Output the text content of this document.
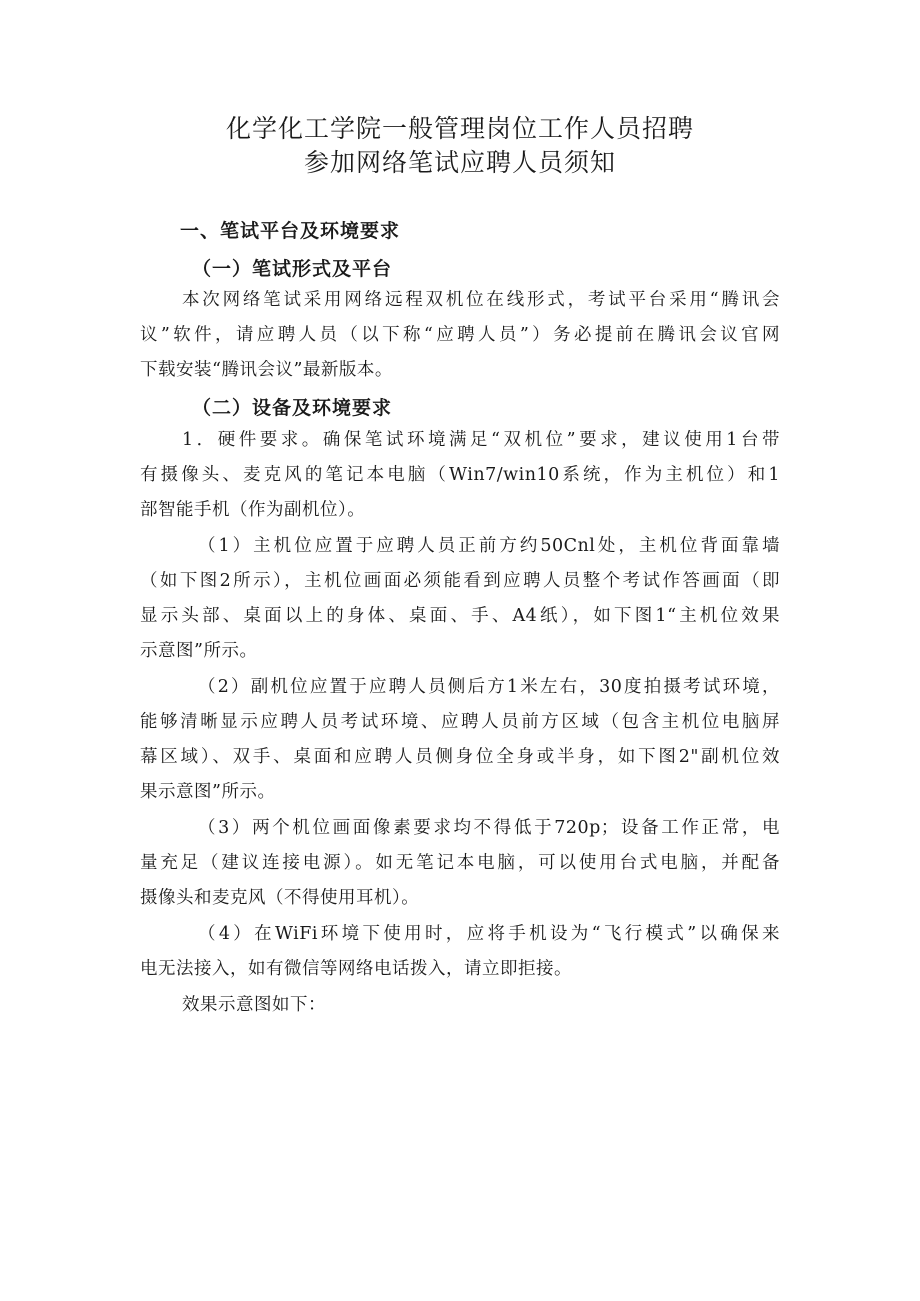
化学化工学院一般管理岗位工作人员招聘
参加网络笔试应聘人员须知
一、笔试平台及环境要求
（一）笔试形式及平台
本次网络笔试采用网络远程双机位在线形式，考试平台采用“腾讯会
议”软件，请应聘人员（以下称“应聘人员”）务必提前在腾讯会议官网
下载安装“腾讯会议”最新版本。
（二）设备及环境要求
1．硬件要求。确保笔试环境满足“双机位”要求，建议使用1台带
有摄像头、麦克风的笔记本电脑（Win7/win10系统，作为主机位）和1
部智能手机（作为副机位）。
（1）主机位应置于应聘人员正前方约50Cnl处，主机位背面靠墙
（如下图2所示），主机位画面必须能看到应聘人员整个考试作答画面（即
显示头部、桌面以上的身体、桌面、手、A4纸），如下图1“主机位效果
示意图”所示。
（2）副机位应置于应聘人员侧后方1米左右，30度拍摄考试环境，
能够清晰显示应聘人员考试环境、应聘人员前方区域（包含主机位电脑屏
幕区域）、双手、桌面和应聘人员侧身位全身或半身，如下图2"副机位效
果示意图”所示。
（3）两个机位画面像素要求均不得低于720p；设备工作正常，电
量充足（建议连接电源）。如无笔记本电脑，可以使用台式电脑，并配备
摄像头和麦克风（不得使用耳机）。
（4）在WiFi环境下使用时，应将手机设为“飞行模式”以确保来
电无法接入，如有微信等网络电话拨入，请立即拒接。
效果示意图如下：
